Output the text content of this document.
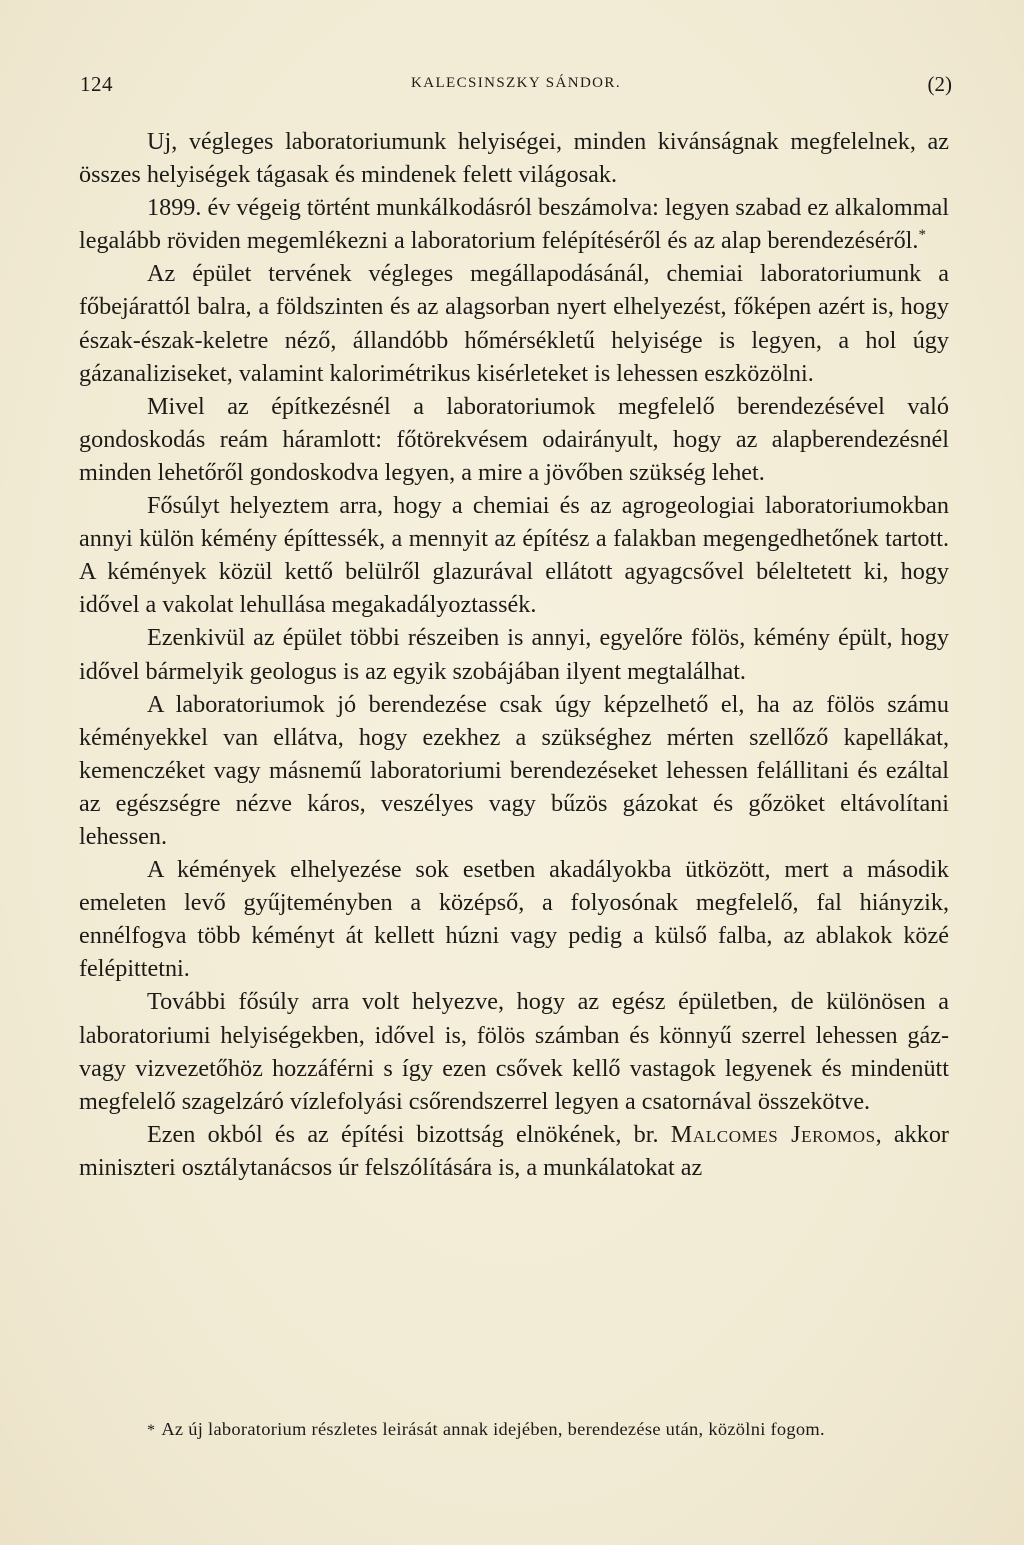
124	KALECSINSZKY SÁNDOR.	(2)

Uj, végleges laboratoriumunk helyiségei, minden kivánságnak megfelelnek, az összes helyiségek tágasak és mindenek felett világosak.

1899. év végeig történt munkálkodásról beszámolva: legyen szabad ez alkalommal legalább röviden megemlékezni a laboratorium felépítéséről és az alap berendezéséről.*

Az épület tervének végleges megállapodásánál, chemiai laboratoriumunk a főbejárattól balra, a földszinten és az alagsorban nyert elhelyezést, főképen azért is, hogy észak-észak-keletre néző, állandóbb hőmérsékletű helyisége is legyen, a hol úgy gázanaliziseket, valamint kalorimétrikus kisérleteket is lehessen eszközölni.

Mivel az építkezésnél a laboratoriumok megfelelő berendezésével való gondoskodás reám háramlott: főtörekvésem odairányult, hogy az alapberendezésnél minden lehetőről gondoskodva legyen, a mire a jövőben szükség lehet.

Fősúlyt helyeztem arra, hogy a chemiai és az agrogeologiai laboratoriumokban annyi külön kémény építtessék, a mennyit az építész a falakban megengedhetőnek tartott. A kémények közül kettő belülről glazurával ellátott agyagcsővel béleltetett ki, hogy idővel a vakolat lehullása megakadályoztassék.

Ezenkivül az épület többi részeiben is annyi, egyelőre fölös, kémény épült, hogy idővel bármelyik geologus is az egyik szobájában ilyent megtalálhat.

A laboratoriumok jó berendezése csak úgy képzelhető el, ha az fölös számu kéményekkel van ellátva, hogy ezekhez a szükséghez mérten szellőző kapellákat, kemenczéket vagy másnemű laboratoriumi berendezéseket lehessen felállitani és ezáltal az egészségre nézve káros, veszélyes vagy bűzös gázokat és gőzöket eltávolítani lehessen.

A kémények elhelyezése sok esetben akadályokba ütközött, mert a második emeleten levő gyűjteményben a középső, a folyosónak megfelelő, fal hiányzik, ennélfogva több kéményt át kellett húzni vagy pedig a külső falba, az ablakok közé felépittetni.

További fősúly arra volt helyezve, hogy az egész épületben, de különösen a laboratoriumi helyiségekben, idővel is, fölös számban és könnyű szerrel lehessen gáz- vagy vizvezetőhöz hozzáférni s így ezen csővek kellő vastagok legyenek és mindenütt megfelelő szagelzáró vízlefolyási csőrendszerrel legyen a csatornával összekötve.

Ezen okból és az építési bizottság elnökének, br. Malcomes Jeromos, akkor miniszteri osztálytanácsos úr felszólítására is, a munkálatokat az

* Az új laboratorium részletes leirását annak idejében, berendezése után, közölni fogom.
